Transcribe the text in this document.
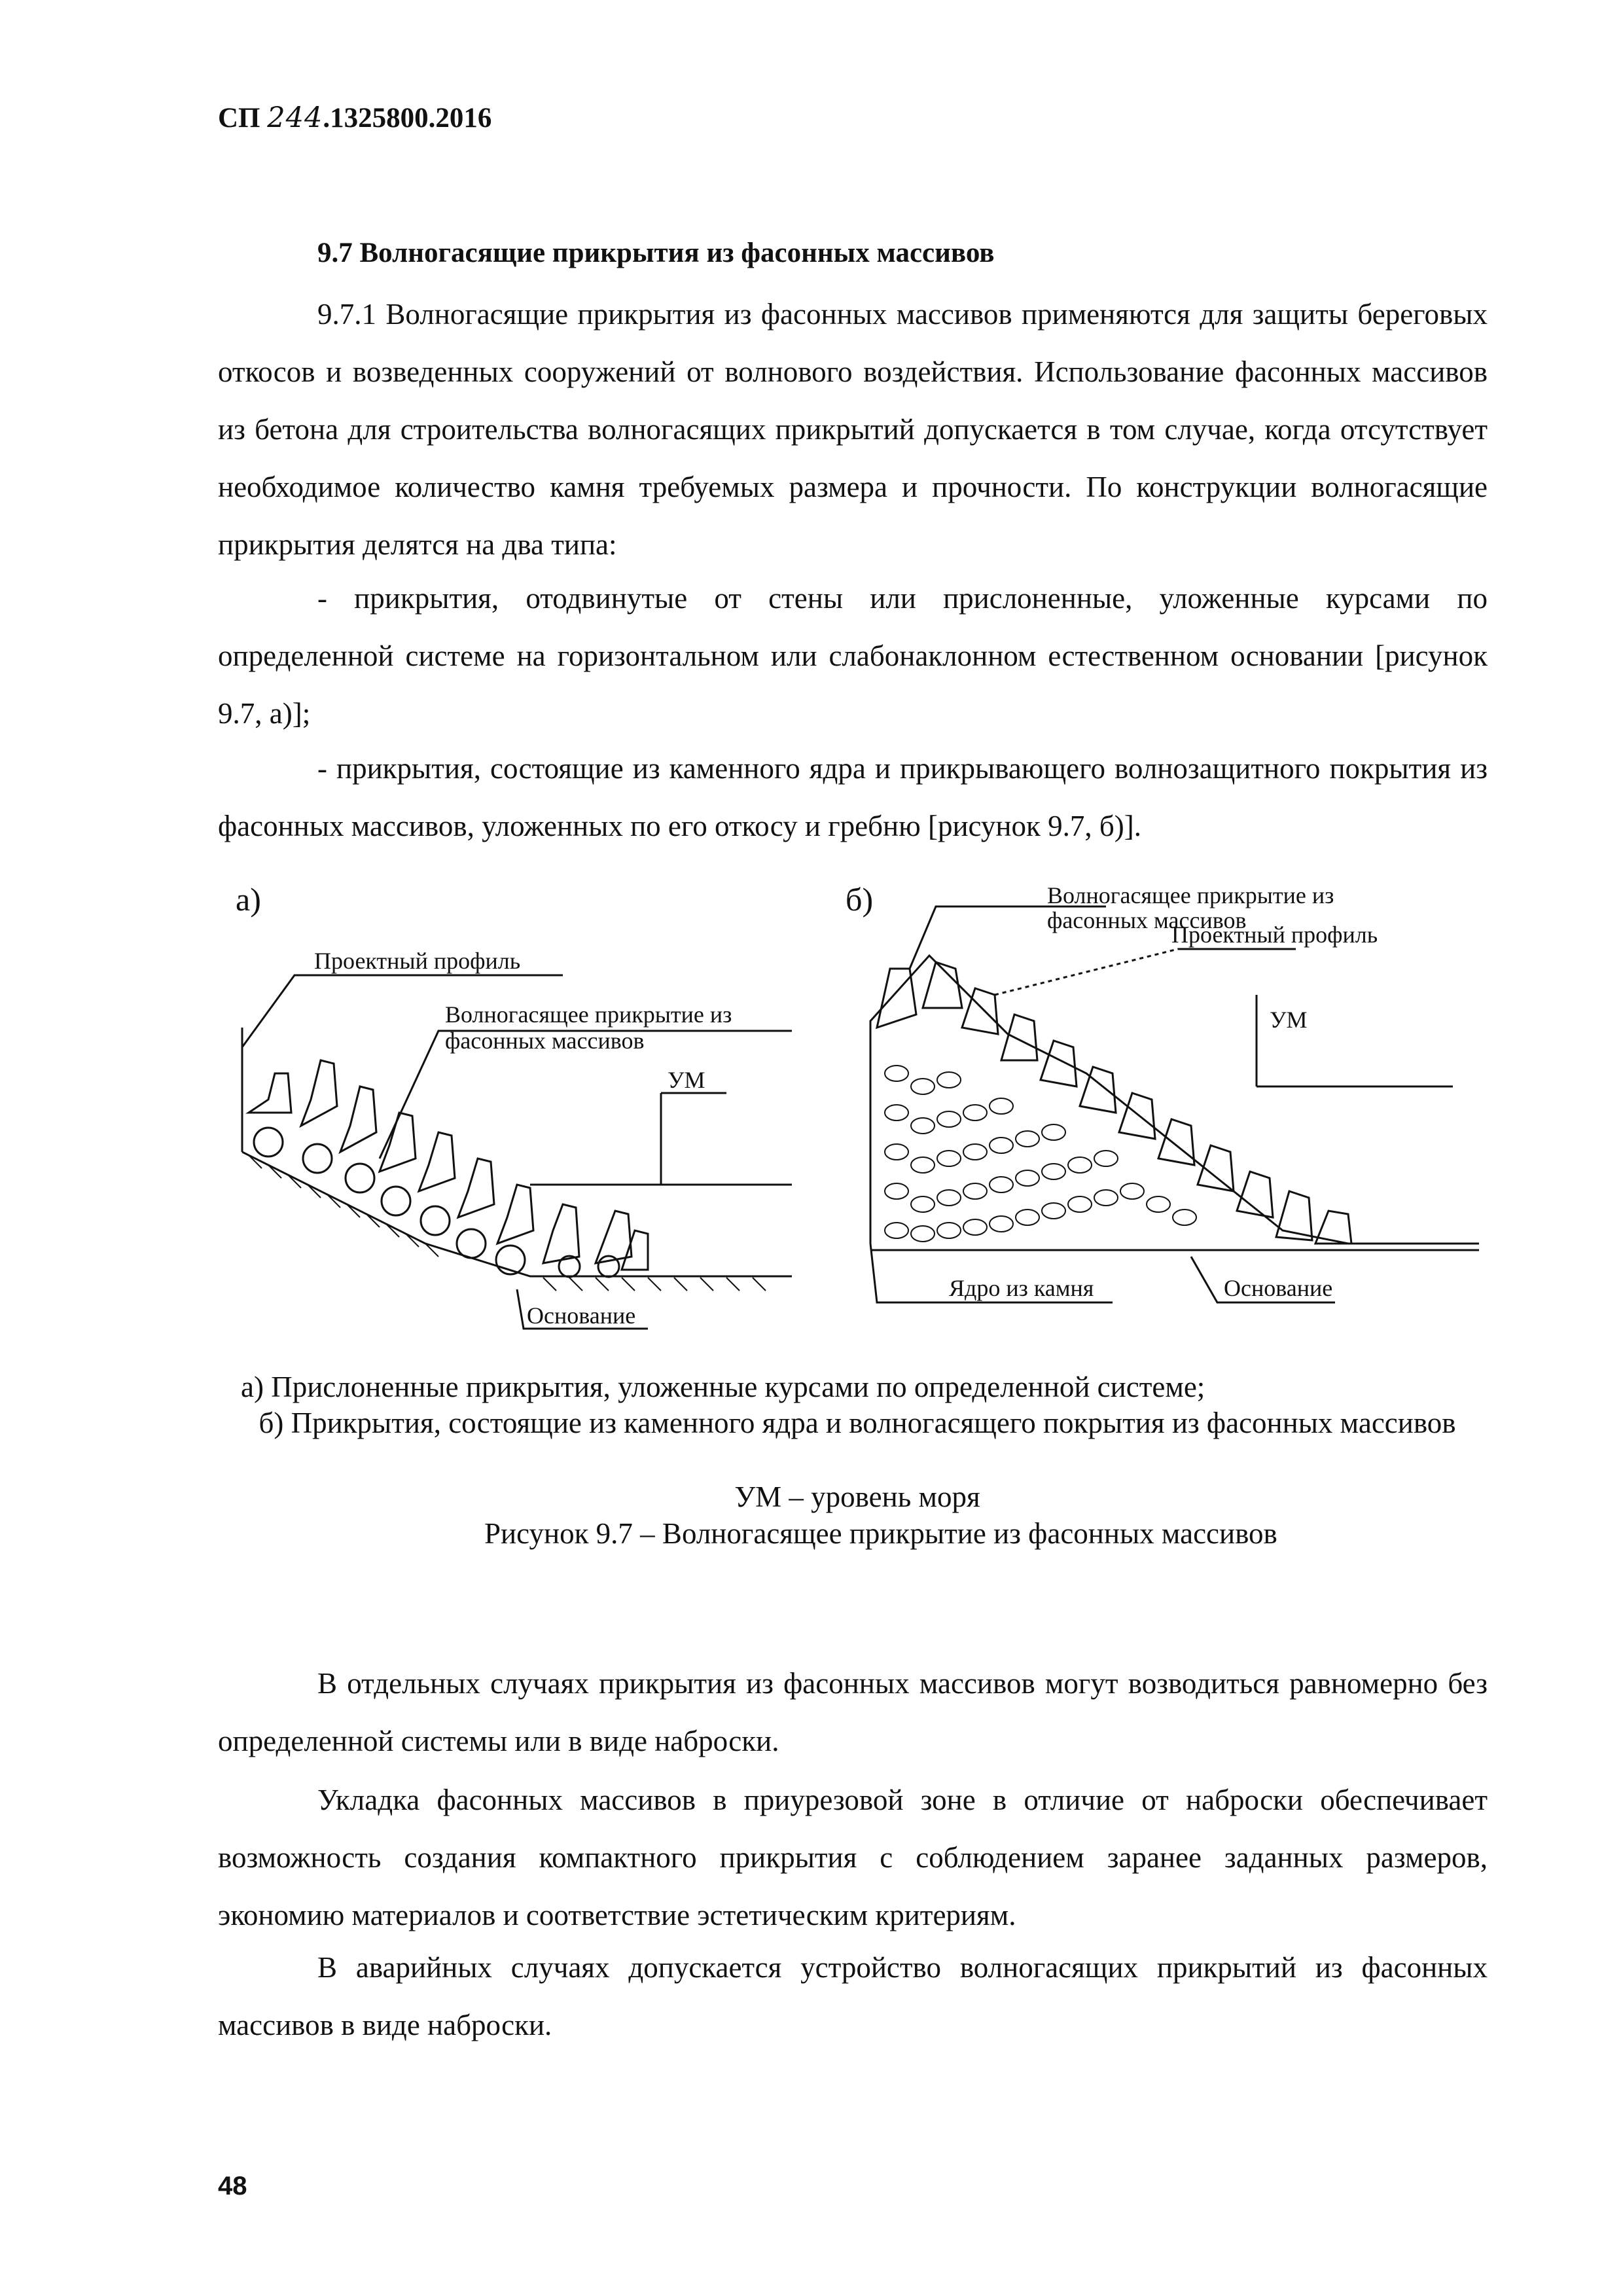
СП 244.1325800.2016
9.7 Волногасящие прикрытия из фасонных массивов
9.7.1 Волногасящие прикрытия из фасонных массивов применяются для защиты береговых откосов и возведенных сооружений от волнового воздействия. Использование фасонных массивов из бетона для строительства волногасящих прикрытий допускается в том случае, когда отсутствует необходимое количество камня требуемых размера и прочности. По конструкции волногасящие прикрытия делятся на два типа:
- прикрытия, отодвинутые от стены или прислоненные, уложенные курсами по определенной системе на горизонтальном или слабонаклонном естественном основании [рисунок 9.7, а)];
- прикрытия, состоящие из каменного ядра и прикрывающего волнозащитного покрытия из фасонных массивов, уложенных по его откосу и гребню [рисунок 9.7, б)].
а)	б)
Проектный профиль
Волногасящее прикрытие из
фасонных массивов
УМ
Основание
Волногасящее прикрытие из
фасонных массивов
Проектный профиль
УМ
Ядро из камня	Основание
а) Прислоненные прикрытия, уложенные курсами по определенной системе;
б) Прикрытия, состоящие из каменного ядра и волногасящего покрытия из фасонных массивов
УМ – уровень моря
Рисунок 9.7 – Волногасящее прикрытие из фасонных массивов
В отдельных случаях прикрытия из фасонных массивов могут возводиться равномерно без определенной системы или в виде наброски.
Укладка фасонных массивов в приурезовой зоне в отличие от наброски обеспечивает возможность создания компактного прикрытия с соблюдением заранее заданных размеров, экономию материалов и соответствие эстетическим критериям.
В аварийных случаях допускается устройство волногасящих прикрытий из фасонных массивов в виде наброски.
48
